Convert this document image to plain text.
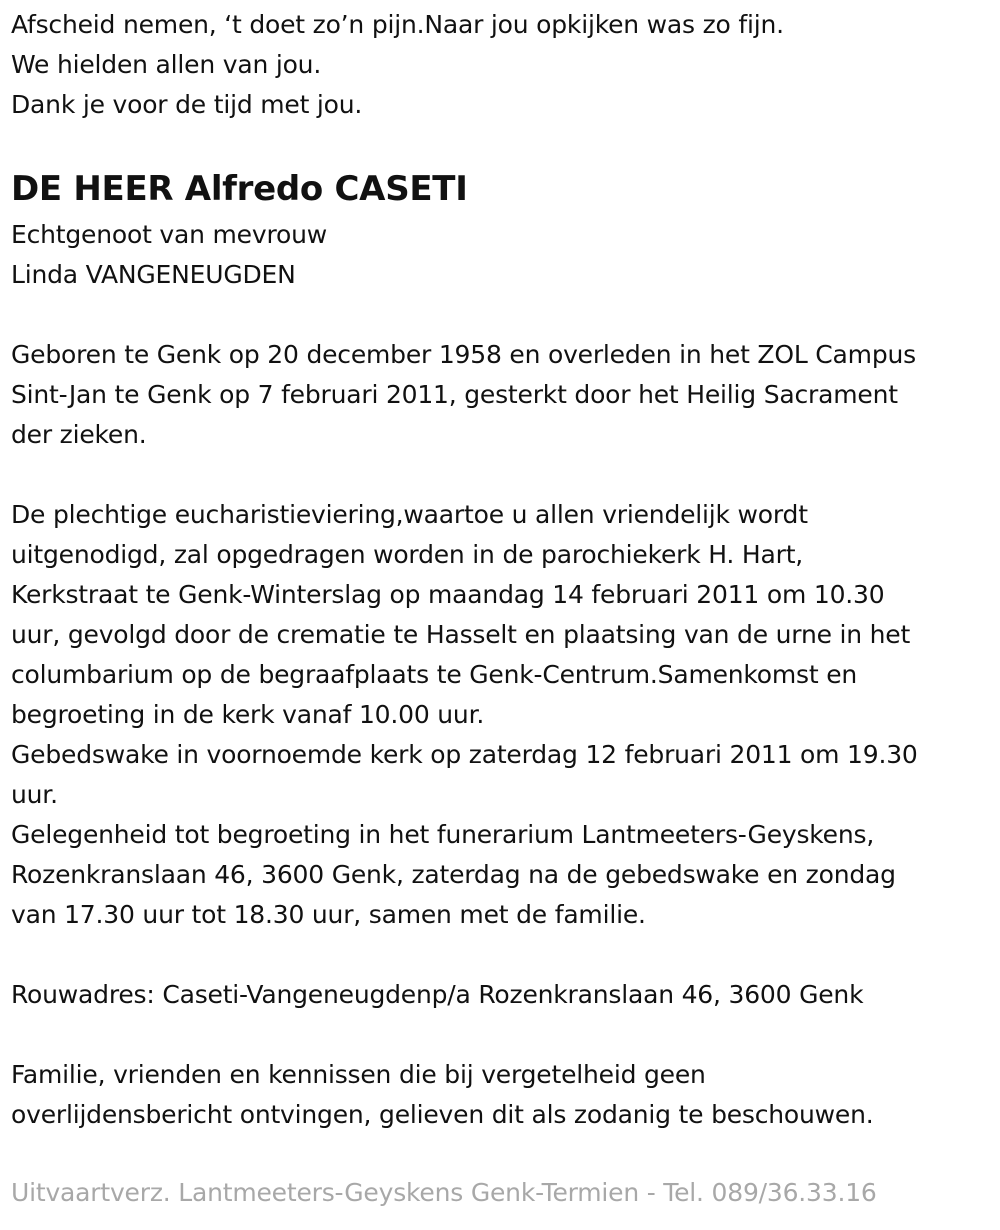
Afscheid nemen, ‘t doet zo’n pijn.Naar jou opkijken was zo fijn.
We hielden allen van jou.
Dank je voor de tijd met jou.
DE HEER Alfredo CASETI
Echtgenoot van mevrouw
Linda VANGENEUGDEN
Geboren te Genk op 20 december 1958 en overleden in het ZOL Campus
Sint-Jan te Genk op 7 februari 2011, gesterkt door het Heilig Sacrament
der zieken.
De plechtige eucharistieviering,waartoe u allen vriendelijk wordt
uitgenodigd, zal opgedragen worden in de parochiekerk H. Hart,
Kerkstraat te Genk-Winterslag op maandag 14 februari 2011 om 10.30
uur, gevolgd door de crematie te Hasselt en plaatsing van de urne in het
columbarium op de begraafplaats te Genk-Centrum.Samenkomst en
begroeting in de kerk vanaf 10.00 uur.
Gebedswake in voornoemde kerk op zaterdag 12 februari 2011 om 19.30
uur.
Gelegenheid tot begroeting in het funerarium Lantmeeters-Geyskens,
Rozenkranslaan 46, 3600 Genk, zaterdag na de gebedswake en zondag
van 17.30 uur tot 18.30 uur, samen met de familie.
Rouwadres: Caseti-Vangeneugdenp/a Rozenkranslaan 46, 3600 Genk
Familie, vrienden en kennissen die bij vergetelheid geen
overlijdensbericht ontvingen, gelieven dit als zodanig te beschouwen.
Uitvaartverz. Lantmeeters-Geyskens Genk-Termien - Tel. 089/36.33.16
